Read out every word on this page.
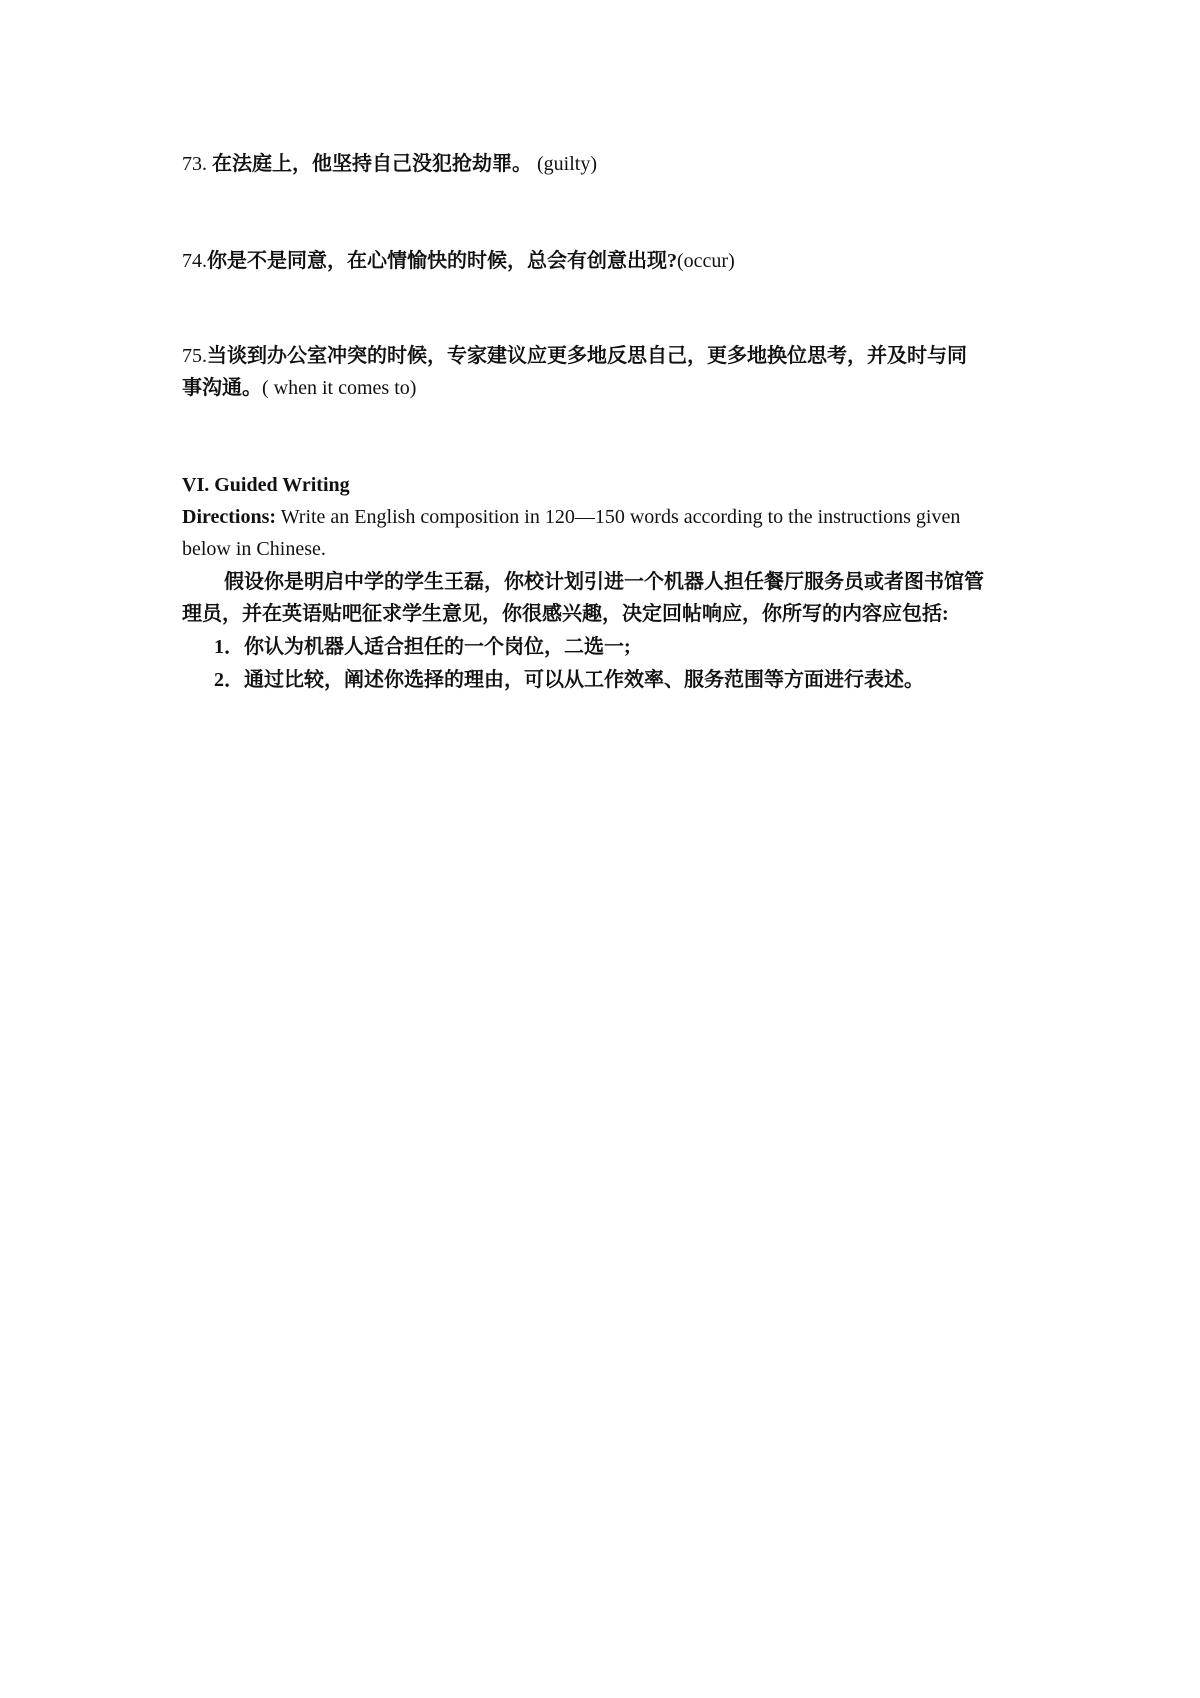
73. 在法庭上，他坚持自己没犯抢劫罪。 (guilty)
74.你是不是同意，在心情愉快的时候，总会有创意出现?(occur)
75.当谈到办公室冲突的时候，专家建议应更多地反思自己，更多地换位思考，并及时与同
事沟通。( when it comes to)
VI. Guided Writing
Directions: Write an English composition in 120—150 words according to the instructions given
below in Chinese.
假设你是明启中学的学生王磊，你校计划引进一个机器人担任餐厅服务员或者图书馆管
理员，并在英语贴吧征求学生意见，你很感兴趣，决定回帖响应，你所写的内容应包括:
1．你认为机器人适合担任的一个岗位，二选一;
2．通过比较，阐述你选择的理由，可以从工作效率、服务范围等方面进行表述。
